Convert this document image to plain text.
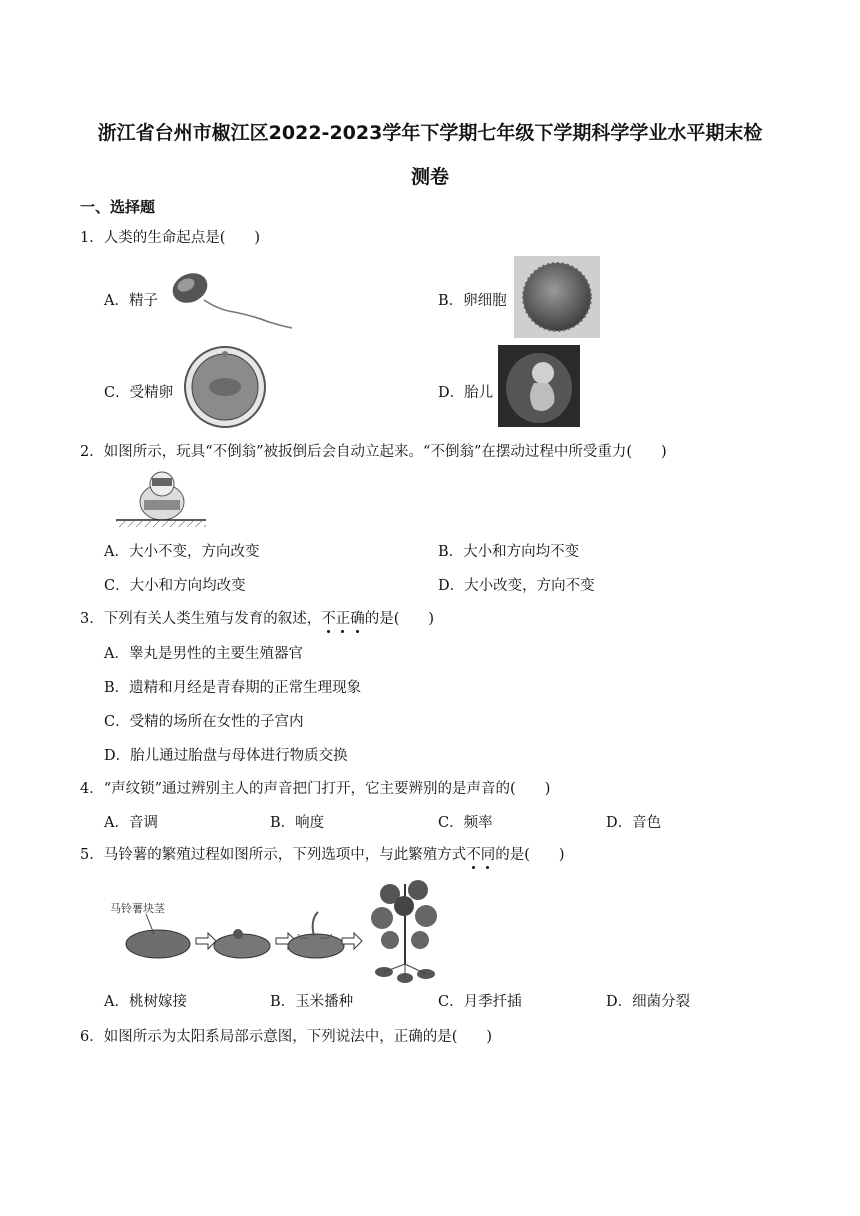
浙江省台州市椒江区2022-2023学年下学期七年级下学期科学学业水平期末检
测卷
一、选择题
1．人类的生命起点是(　　)
A．精子	B．卵细胞
C．受精卵	D．胎儿
2．如图所示，玩具“不倒翁”被扳倒后会自动立起来。“不倒翁”在摆动过程中所受重力(　　)
A．大小不变，方向改变	B．大小和方向均不变
C．大小和方向均改变	D．大小改变，方向不变
3．下列有关人类生殖与发育的叙述，不正确的是(　　)
A．睾丸是男性的主要生殖器官
B．遗精和月经是青春期的正常生理现象
C．受精的场所在女性的子宫内
D．胎儿通过胎盘与母体进行物质交换
4．“声纹锁”通过辨别主人的声音把门打开，它主要辨别的是声音的(　　)
A．音调	B．响度	C．频率	D．音色
5．马铃薯的繁殖过程如图所示，下列选项中，与此繁殖方式不同的是(　　)
马铃薯块茎
A．桃树嫁接	B．玉米播种	C．月季扦插	D．细菌分裂
6．如图所示为太阳系局部示意图，下列说法中，正确的是(　　)
